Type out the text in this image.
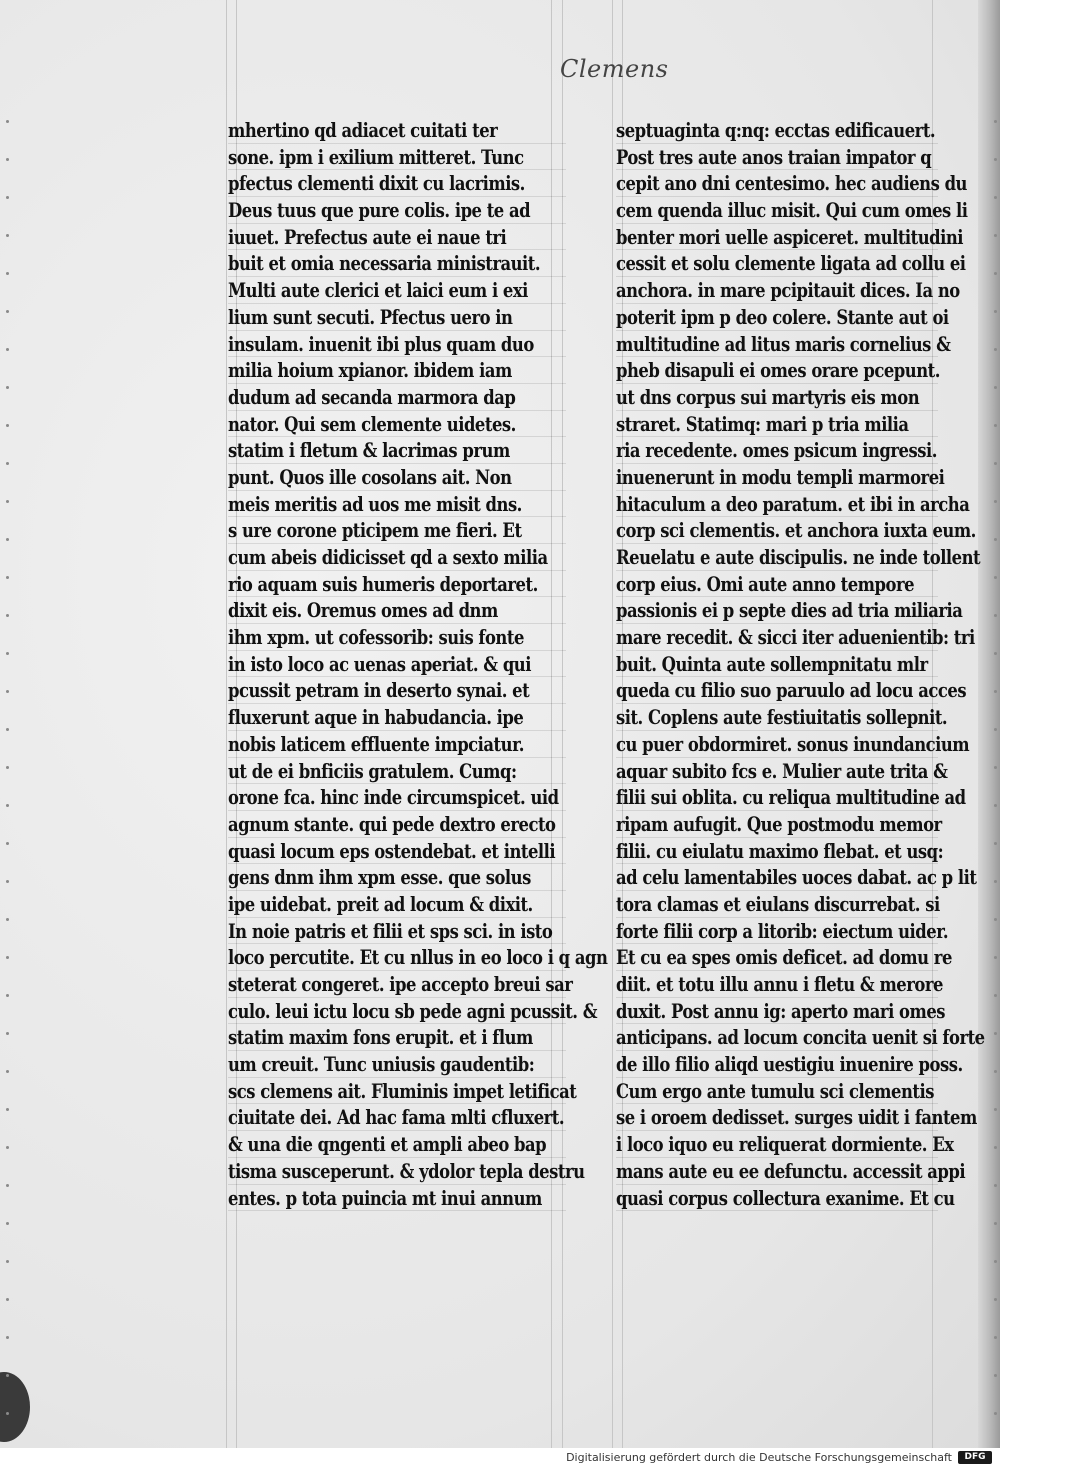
Clemens
mhertino qd adiacet cuitati ter
sone. ipm i exilium mitteret. Tunc
pfectus clementi dixit cu lacrimis.
Deus tuus que pure colis. ipe te ad
iuuet. Prefectus aute ei naue tri
buit et omia necessaria ministrauit.
Multi aute clerici et laici eum i exi
lium sunt secuti. Pfectus uero in
insulam. inuenit ibi plus quam duo
milia hoium xpianor. ibidem iam
dudum ad secanda marmora dap
nator. Qui sem clemente uidetes.
statim i fletum & lacrimas prum
punt. Quos ille cosolans ait. Non
meis meritis ad uos me misit dns.
s ure corone pticipem me fieri. Et
cum abeis didicisset qd a sexto milia
rio aquam suis humeris deportaret.
dixit eis. Oremus omes ad dnm
ihm xpm. ut cofessorib: suis fonte
in isto loco ac uenas aperiat. & qui
pcussit petram in deserto synai. et
fluxerunt aque in habudancia. ipe
nobis laticem effluente impciatur.
ut de ei bnficiis gratulem. Cumq:
orone fca. hinc inde circumspicet. uid
agnum stante. qui pede dextro erecto
quasi locum eps ostendebat. et intelli
gens dnm ihm xpm esse. que solus
ipe uidebat. preit ad locum & dixit.
In noie patris et filii et sps sci. in isto
loco percutite. Et cu nllus in eo loco i q agn
steterat congeret. ipe accepto breui sar
culo. leui ictu locu sb pede agni pcussit. &
statim maxim fons erupit. et i flum
um creuit. Tunc uniusis gaudentib:
scs clemens ait. Fluminis impet letificat
ciuitate dei. Ad hac fama mlti cfluxert.
& una die qngenti et ampli abeo bap
tisma susceperunt. & ydolor tepla destru
entes. p tota puincia mt inui annum
septuaginta q:nq: ecctas edificauert.
Post tres aute anos traian impator q
cepit ano dni centesimo. hec audiens du
cem quenda illuc misit. Qui cum omes li
benter mori uelle aspiceret. multitudini
cessit et solu clemente ligata ad collu ei
anchora. in mare pcipitauit dices. Ia no
poterit ipm p deo colere. Stante aut oi
multitudine ad litus maris cornelius &
pheb disapuli ei omes orare pcepunt.
ut dns corpus sui martyris eis mon
straret. Statimq: mari p tria milia
ria recedente. omes psicum ingressi.
inuenerunt in modu templi marmorei
hitaculum a deo paratum. et ibi in archa
corp sci clementis. et anchora iuxta eum.
Reuelatu e aute discipulis. ne inde tollent
corp eius. Omi aute anno tempore
passionis ei p septe dies ad tria miliaria
mare recedit. & sicci iter aduenientib: tri
buit. Quinta aute sollempnitatu mlr
queda cu filio suo paruulo ad locu acces
sit. Coplens aute festiuitatis sollepnit.
cu puer obdormiret. sonus inundancium
aquar subito fcs e. Mulier aute trita &
filii sui oblita. cu reliqua multitudine ad
ripam aufugit. Que postmodu memor
filii. cu eiulatu maximo flebat. et usq:
ad celu lamentabiles uoces dabat. ac p lit
tora clamas et eiulans discurrebat. si
forte filii corp a litorib: eiectum uider.
Et cu ea spes omis deficet. ad domu re
diit. et totu illu annu i fletu & merore
duxit. Post annu ig: aperto mari omes
anticipans. ad locum concita uenit si forte
de illo filio aliqd uestigiu inuenire poss.
Cum ergo ante tumulu sci clementis
se i oroem dedisset. surges uidit i fantem
i loco iquo eu reliquerat dormiente. Ex
mans aute eu ee defunctu. accessit appi
quasi corpus collectura exanime. Et cu
Digitalisierung gefördert durch die Deutsche Forschungsgemeinschaft	DFG
